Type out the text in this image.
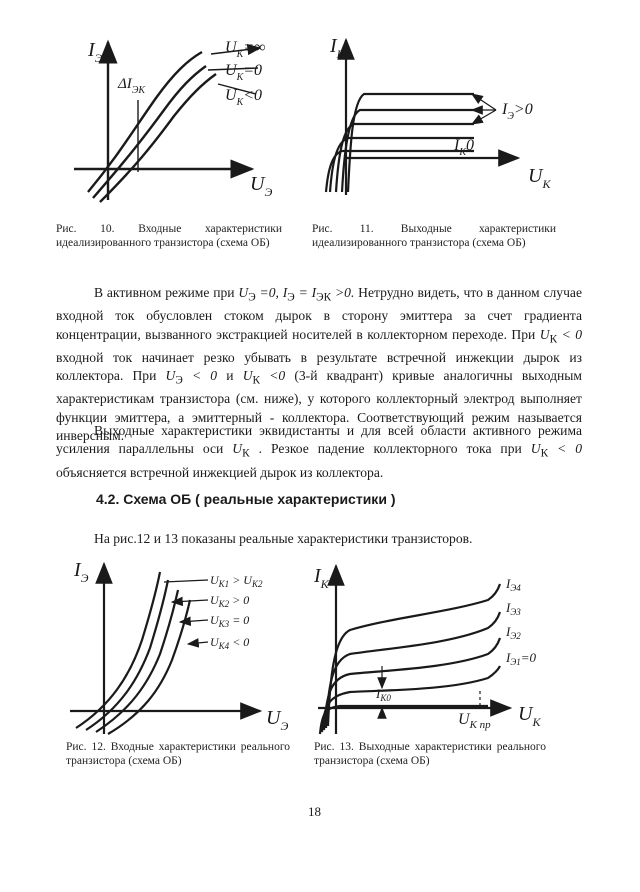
$I_Э$
$U_Э$
$\Delta I_{ЭК}$
$U_К=\infty$
$U_К=0$
$U_К<0$
Рис. 10. Входные характеристики идеализированного транзистора (схема ОБ)
$I_К$
$U_К$
$I_Э>0$
$I_К0$
Рис. 11. Выходные характеристики идеализированного транзистора (схема ОБ)
В активном режиме при $U_Э =0$, $I_Э = I_{ЭК} >0$. Нетрудно видеть, что в данном случае входной ток обусловлен стоком дырок в сторону эмиттера за счет градиента концентрации, вызванного экстракцией носителей в коллекторном переходе. При $U_К < 0$ входной ток начинает резко убывать в результате встречной инжекции дырок из коллектора. При $U_Э < 0$ и $U_К <0$ (3-й квадрант) кривые аналогичны выходным характеристикам транзистора (см. ниже), у которого коллекторный электрод выполняет функции эмиттера, а эмиттерный - коллектора. Соответствующий режим называется инверсным.
Выходные характеристики эквидистанты и для всей области активного режима усиления параллельны оси $U_К$ . Резкое падение коллекторного тока при $U_К < 0$ объясняется встречной инжекцией дырок из коллектора.
4.2. Схема ОБ ( реальные характеристики )
На рис.12 и 13 показаны реальные характеристики транзисторов.
$I_Э$
$U_Э$
$U_{K1} > U_{K2}$
$U_{K2} > 0$
$U_{K3} = 0$
$U_{K4} < 0$
Рис. 12. Входные характеристики реального транзистора (схема ОБ)
$I_К$
$U_К$
$I_{Э4}$
$I_{Э3}$
$I_{Э2}$
$I_{Э1}=0$
$I_{K0}$
$U_{К пр}$
Рис. 13. Выходные характеристики реального транзистора (схема ОБ)
18
